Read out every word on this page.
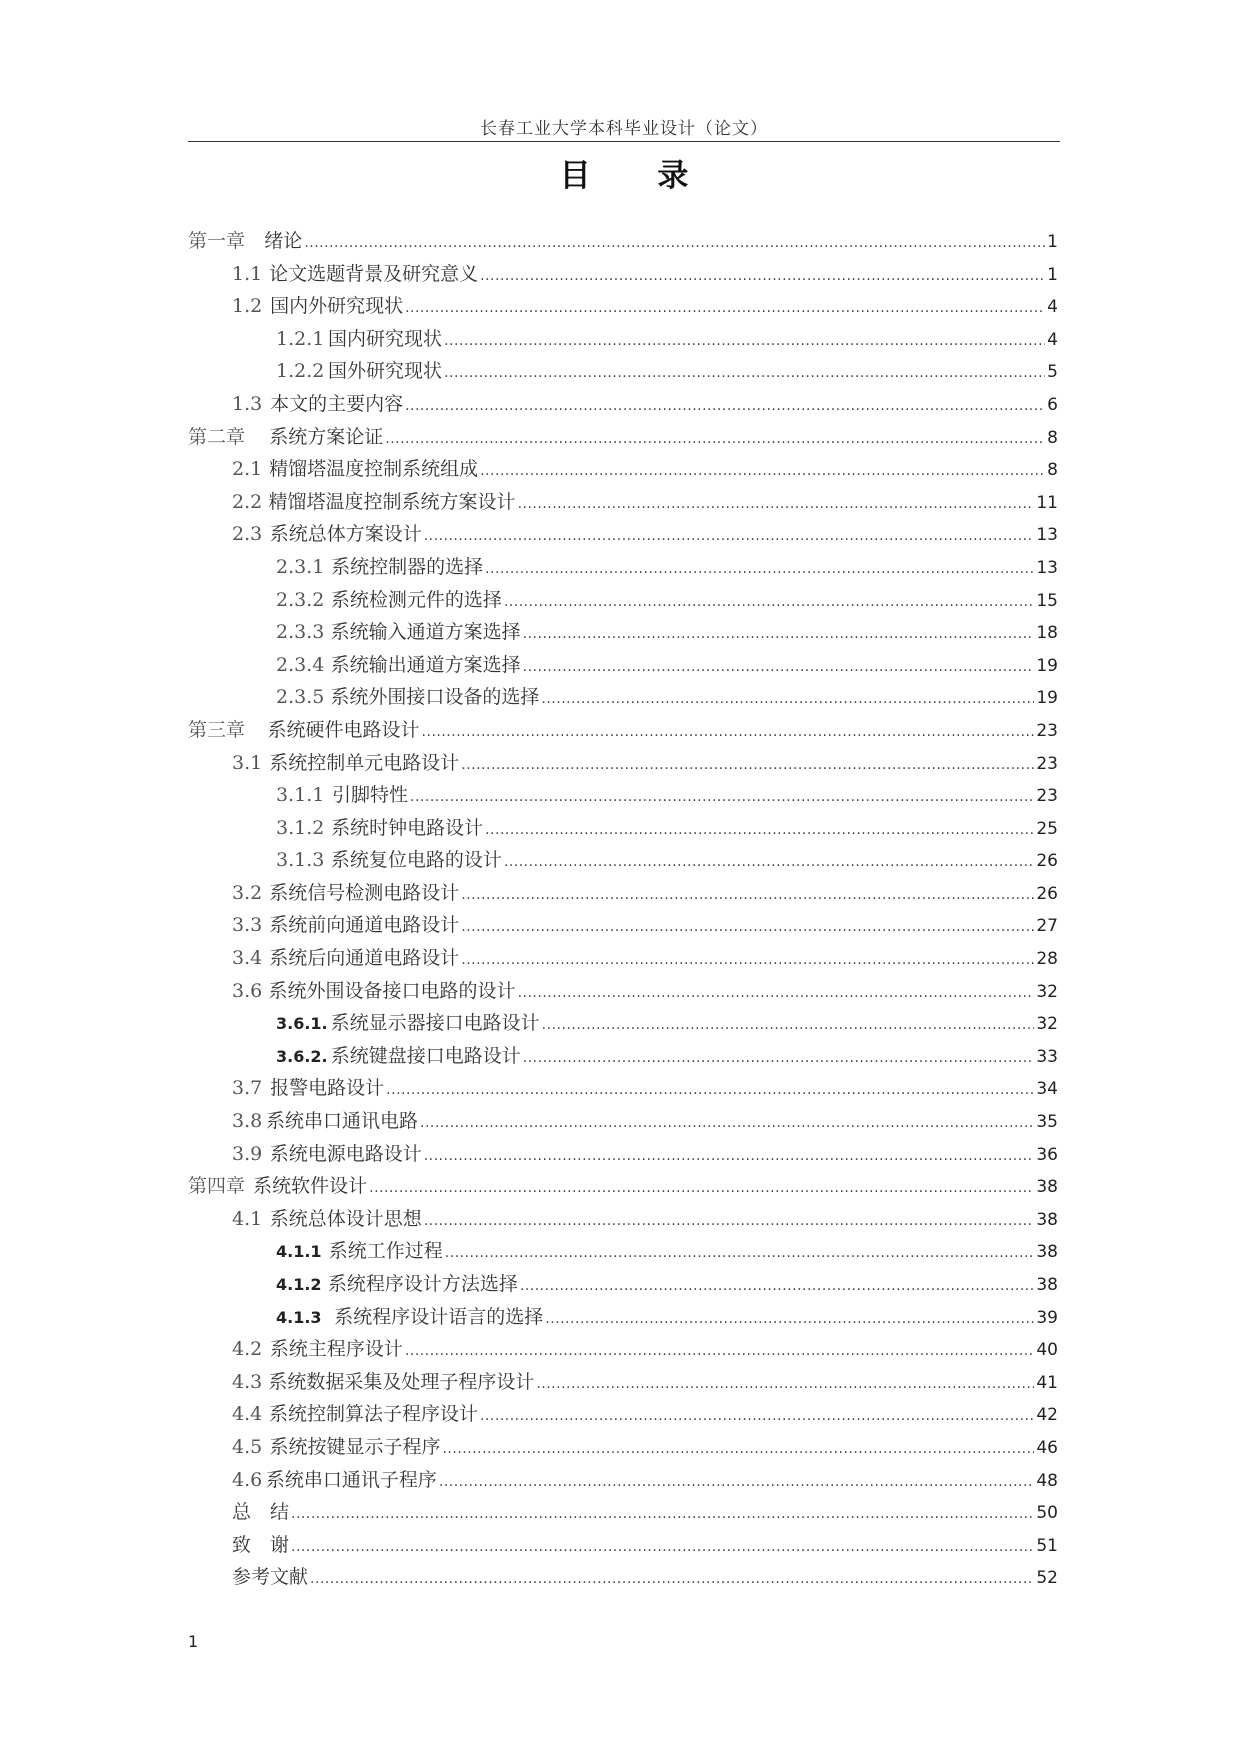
长春工业大学本科毕业设计（论文）
目 录
第一章 绪论 .....	1
1.1 论文选题背景及研究意义 .....	1
1.2 国内外研究现状 .....	4
1.2.1 国内研究现状 .....	4
1.2.2 国外研究现状 .....	5
1.3 本文的主要内容 .....	6
第二章 系统方案论证 .....	8
2.1 精馏塔温度控制系统组成 .....	8
2.2 精馏塔温度控制系统方案设计 .....	11
2.3 系统总体方案设计 .....	13
2.3.1 系统控制器的选择 .....	13
2.3.2 系统检测元件的选择 .....	15
2.3.3 系统输入通道方案选择 .....	18
2.3.4 系统输出通道方案选择 .....	19
2.3.5 系统外围接口设备的选择 .....	19
第三章 系统硬件电路设计 .....	23
3.1 系统控制单元电路设计 .....	23
3.1.1 引脚特性 .....	23
3.1.2 系统时钟电路设计 .....	25
3.1.3 系统复位电路的设计 .....	26
3.2 系统信号检测电路设计 .....	26
3.3 系统前向通道电路设计 .....	27
3.4 系统后向通道电路设计 .....	28
3.6 系统外围设备接口电路的设计 .....	32
3.6.1. 系统显示器接口电路设计 .....	32
3.6.2. 系统键盘接口电路设计 .....	33
3.7 报警电路设计 .....	34
3.8 系统串口通讯电路 .....	35
3.9 系统电源电路设计 .....	36
第四章 系统软件设计 .....	38
4.1 系统总体设计思想 .....	38
4.1.1 系统工作过程 .....	38
4.1.2 系统程序设计方法选择 .....	38
4.1.3 系统程序设计语言的选择 .....	39
4.2 系统主程序设计 .....	40
4.3 系统数据采集及处理子程序设计 .....	41
4.4 系统控制算法子程序设计 .....	42
4.5 系统按键显示子程序 .....	46
4.6 系统串口通讯子程序 .....	48
总　结 .....	50
致　谢 .....	51
参考文献 .....	52
1
